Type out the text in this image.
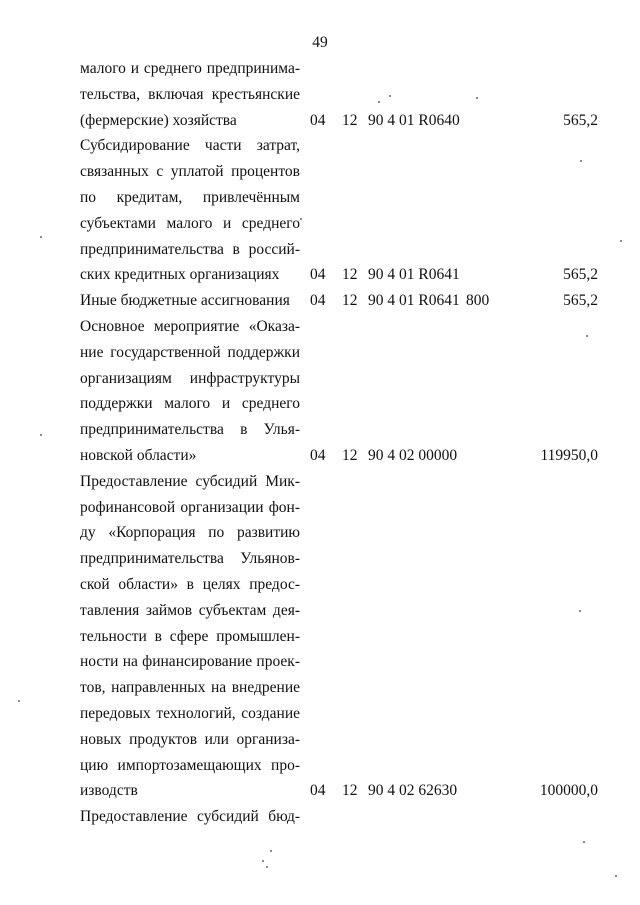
49
малого и среднего предпринима-
тельства, включая крестьянские
(фермерские) хозяйства	04 12 90 4 01 R0640	565,2
Субсидирование части затрат,
связанных с уплатой процентов
по кредитам, привлечённым
субъектами малого и среднего
предпринимательства в россий-
ских кредитных организациях	04 12 90 4 01 R0641	565,2
Иные бюджетные ассигнования	04 12 90 4 01 R0641 800	565,2
Основное мероприятие «Оказа-
ние государственной поддержки
организациям инфраструктуры
поддержки малого и среднего
предпринимательства в Улья-
новской области»	04 12 90 4 02 00000	119950,0
Предоставление субсидий Мик-
рофинансовой организации фон-
ду «Корпорация по развитию
предпринимательства Ульянов-
ской области» в целях предос-
тавления займов субъектам дея-
тельности в сфере промышлен-
ности на финансирование проек-
тов, направленных на внедрение
передовых технологий, создание
новых продуктов или организа-
цию импортозамещающих про-
изводств	04 12 90 4 02 62630	100000,0
Предоставление субсидий бюд-
